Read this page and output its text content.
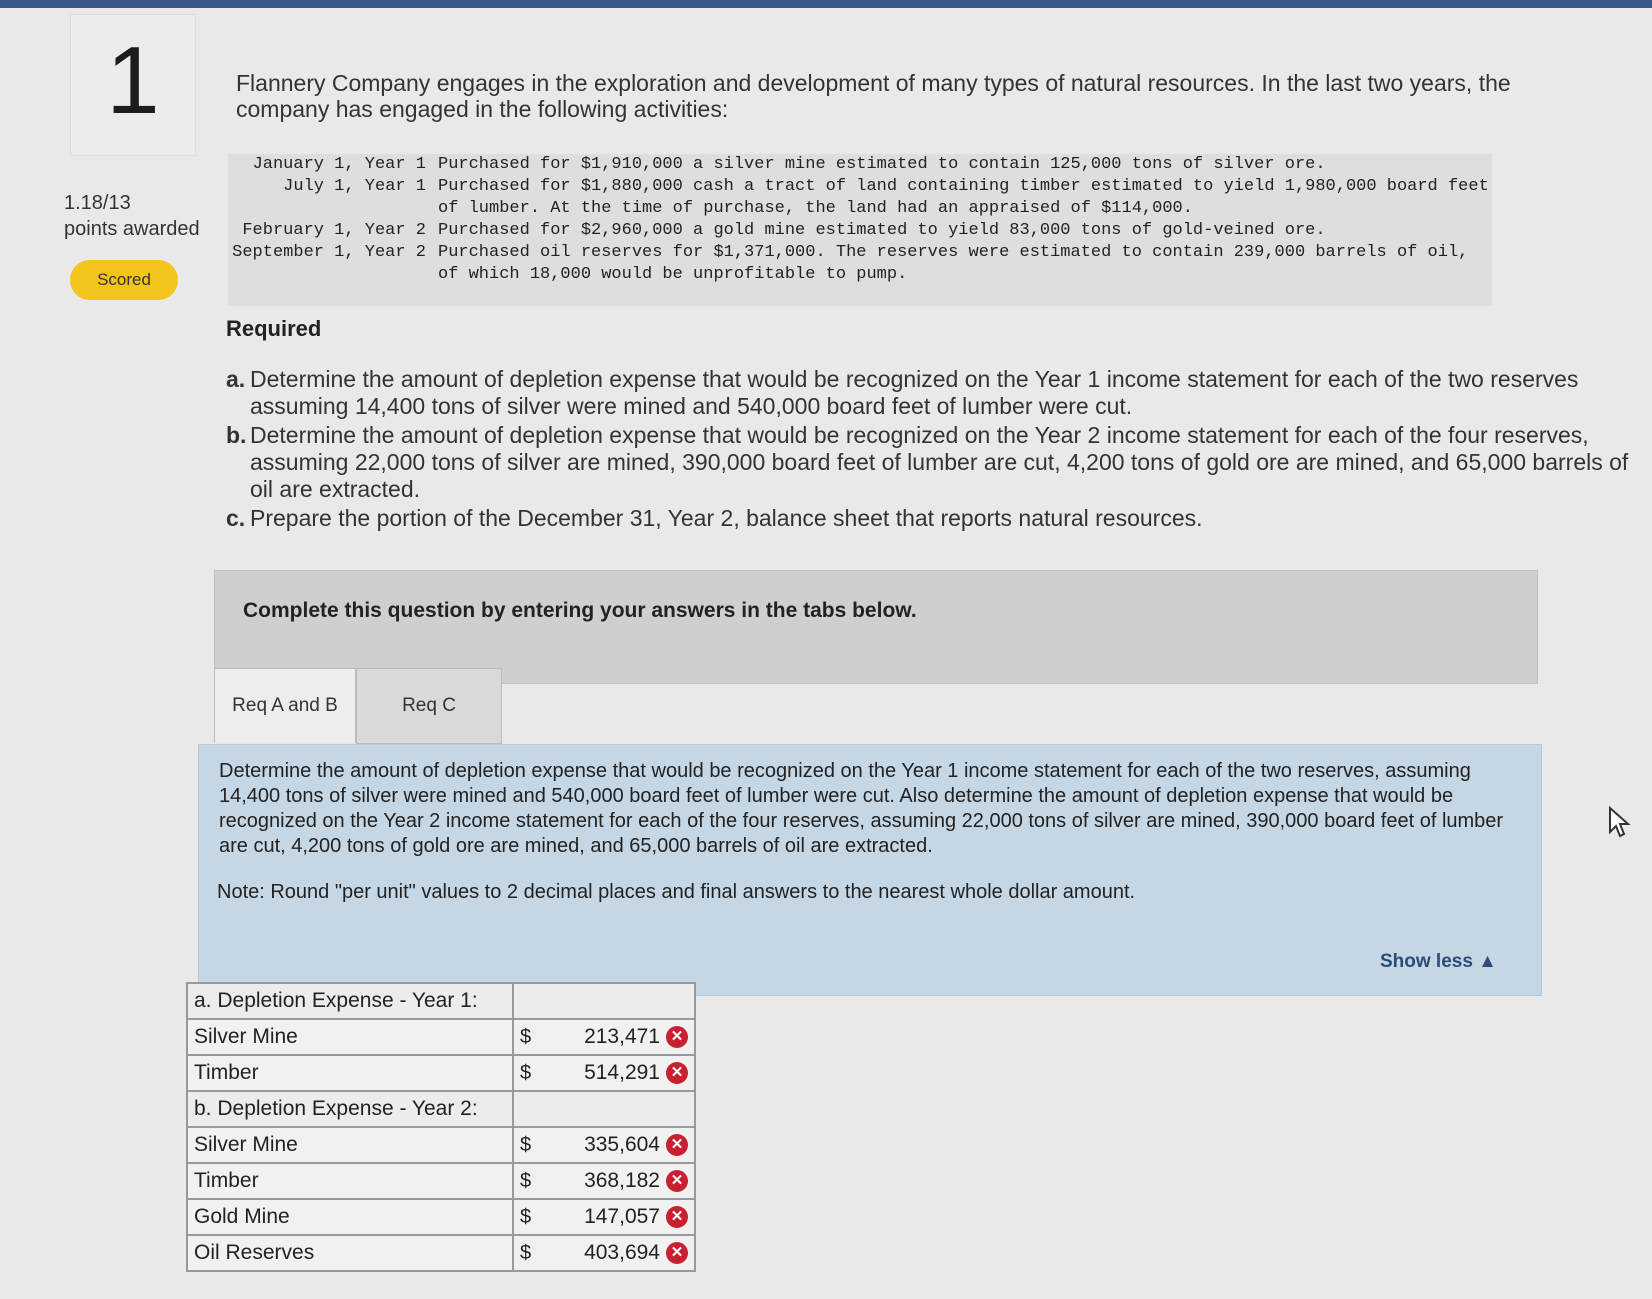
1
1.18/13
points awarded
Scored
Flannery Company engages in the exploration and development of many types of natural resources. In the last two years, the company has engaged in the following activities:
January 1, Year 1 Purchased for $1,910,000 a silver mine estimated to contain 125,000 tons of silver ore.
July 1, Year 1 Purchased for $1,880,000 cash a tract of land containing timber estimated to yield 1,980,000 board feet of lumber. At the time of purchase, the land had an appraised of $114,000.
February 1, Year 2 Purchased for $2,960,000 a gold mine estimated to yield 83,000 tons of gold-veined ore.
September 1, Year 2 Purchased oil reserves for $1,371,000. The reserves were estimated to contain 239,000 barrels of oil, of which 18,000 would be unprofitable to pump.
Required
a. Determine the amount of depletion expense that would be recognized on the Year 1 income statement for each of the two reserves assuming 14,400 tons of silver were mined and 540,000 board feet of lumber were cut.
b. Determine the amount of depletion expense that would be recognized on the Year 2 income statement for each of the four reserves, assuming 22,000 tons of silver are mined, 390,000 board feet of lumber are cut, 4,200 tons of gold ore are mined, and 65,000 barrels of oil are extracted.
c. Prepare the portion of the December 31, Year 2, balance sheet that reports natural resources.
Complete this question by entering your answers in the tabs below.
Req A and B	Req C
Determine the amount of depletion expense that would be recognized on the Year 1 income statement for each of the two reserves, assuming 14,400 tons of silver were mined and 540,000 board feet of lumber were cut. Also determine the amount of depletion expense that would be recognized on the Year 2 income statement for each of the four reserves, assuming 22,000 tons of silver are mined, 390,000 board feet of lumber are cut, 4,200 tons of gold ore are mined, and 65,000 barrels of oil are extracted.
Note: Round "per unit" values to 2 decimal places and final answers to the nearest whole dollar amount.
Show less ▲
a. Depletion Expense - Year 1:	
Silver Mine	$ 213,471 ✕

Timber	$ 514,291 ✕

b. Depletion Expense - Year 2:	
Silver Mine	$ 335,604 ✕

Timber	$ 368,182 ✕

Gold Mine	$ 147,057 ✕

Oil Reserves	$ 403,694 ✕
